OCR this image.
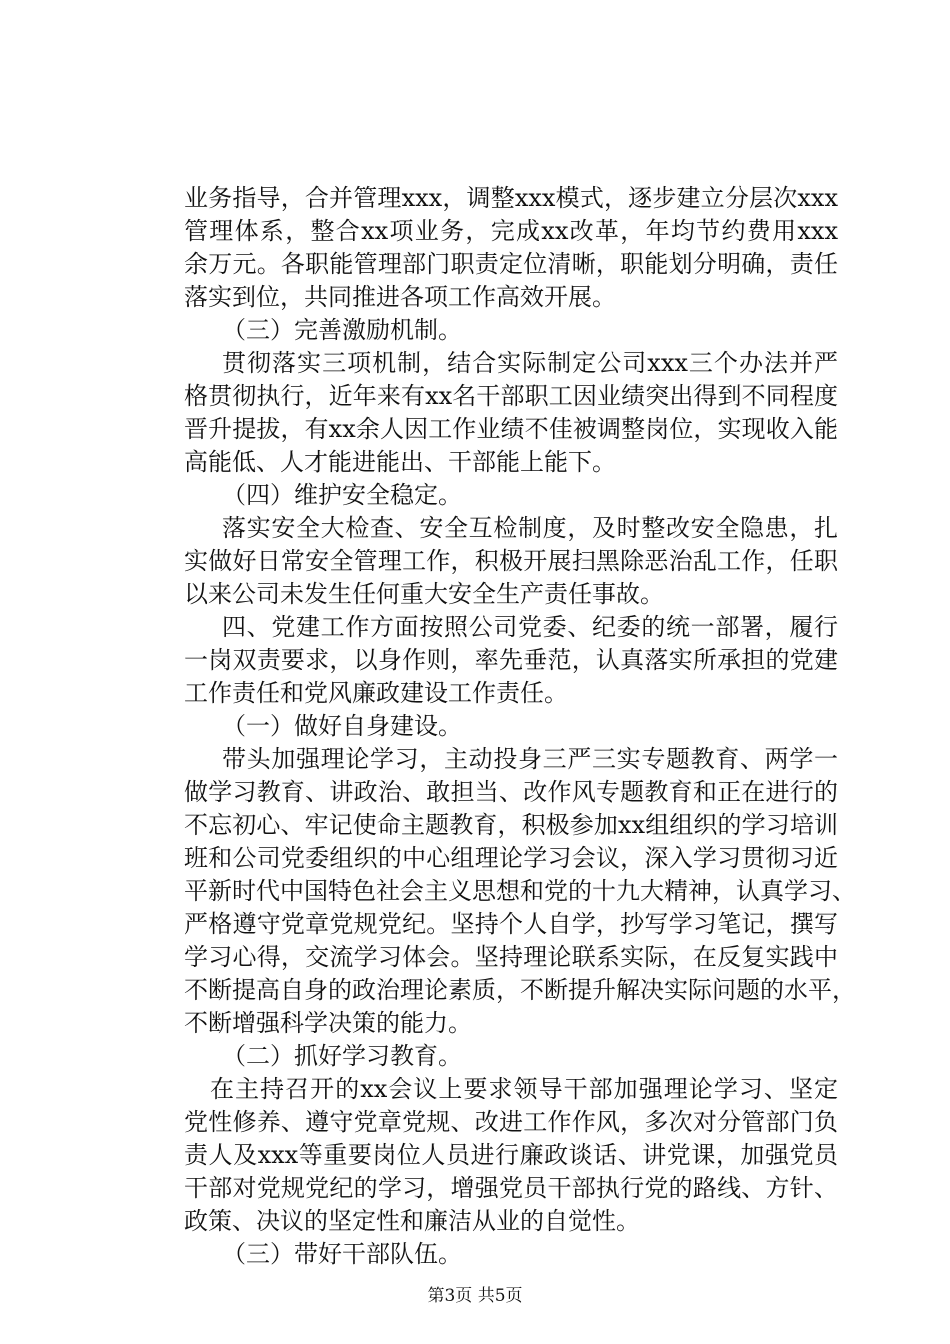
业务指导，合并管理xxx，调整xxx模式，逐步建立分层次xxx
管理体系，整合xx项业务，完成xx改革，年均节约费用xxx
余万元。各职能管理部门职责定位清晰，职能划分明确，责任
落实到位，共同推进各项工作高效开展。
（三）完善激励机制。
贯彻落实三项机制，结合实际制定公司xxx三个办法并严
格贯彻执行，近年来有xx名干部职工因业绩突出得到不同程度
晋升提拔，有xx余人因工作业绩不佳被调整岗位，实现收入能
高能低、人才能进能出、干部能上能下。
（四）维护安全稳定。
落实安全大检查、安全互检制度，及时整改安全隐患，扎
实做好日常安全管理工作，积极开展扫黑除恶治乱工作，任职
以来公司未发生任何重大安全生产责任事故。
四、党建工作方面按照公司党委、纪委的统一部署，履行
一岗双责要求，以身作则，率先垂范，认真落实所承担的党建
工作责任和党风廉政建设工作责任。
（一）做好自身建设。
带头加强理论学习，主动投身三严三实专题教育、两学一
做学习教育、讲政治、敢担当、改作风专题教育和正在进行的
不忘初心、牢记使命主题教育，积极参加xx组组织的学习培训
班和公司党委组织的中心组理论学习会议，深入学习贯彻习近
平新时代中国特色社会主义思想和党的十九大精神，认真学习、
严格遵守党章党规党纪。坚持个人自学，抄写学习笔记，撰写
学习心得，交流学习体会。坚持理论联系实际，在反复实践中
不断提高自身的政治理论素质，不断提升解决实际问题的水平，
不断增强科学决策的能力。
（二）抓好学习教育。
在主持召开的xx会议上要求领导干部加强理论学习、坚定
党性修养、遵守党章党规、改进工作作风，多次对分管部门负
责人及xxx等重要岗位人员进行廉政谈话、讲党课，加强党员
干部对党规党纪的学习，增强党员干部执行党的路线、方针、
政策、决议的坚定性和廉洁从业的自觉性。
（三）带好干部队伍。
第3页 共5页
